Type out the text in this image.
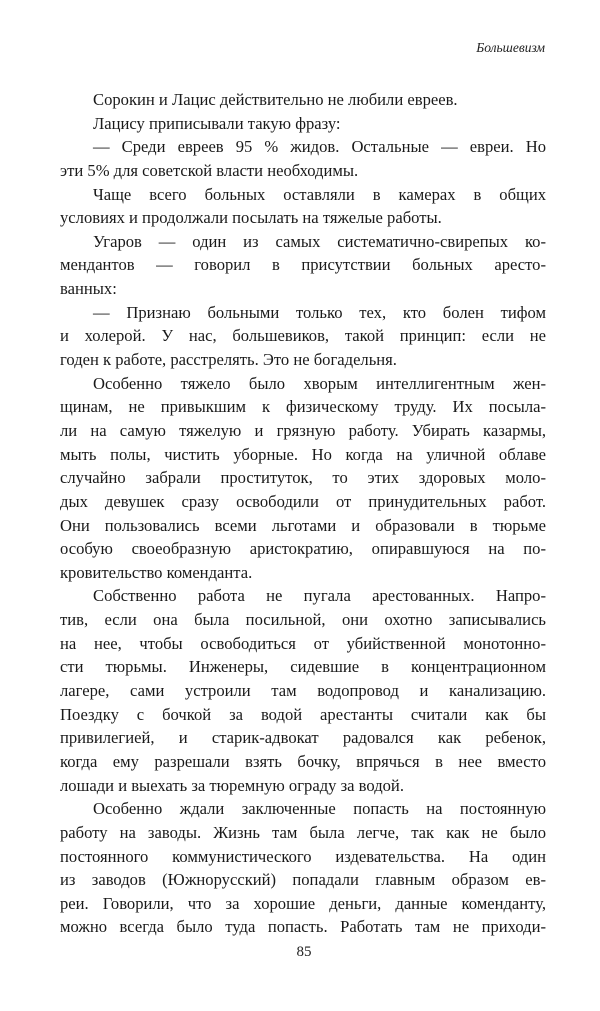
Большевизм
Сорокин и Лацис действительно не любили евреев.
Лацису приписывали такую фразу:
— Среди евреев 95 % жидов. Остальные — евреи. Но
эти 5% для советской власти необходимы.
Чаще всего больных оставляли в камерах в общих
условиях и продолжали посылать на тяжелые работы.
Угаров — один из самых систематично-свирепых ко-
мендантов — говорил в присутствии больных аресто-
ванных:
— Признаю больными только тех, кто болен тифом
и холерой. У нас, большевиков, такой принцип: если не
годен к работе, расстрелять. Это не богадельня.
Особенно тяжело было хворым интеллигентным жен-
щинам, не привыкшим к физическому труду. Их посыла-
ли на самую тяжелую и грязную работу. Убирать казармы,
мыть полы, чистить уборные. Но когда на уличной облаве
случайно забрали проституток, то этих здоровых моло-
дых девушек сразу освободили от принудительных работ.
Они пользовались всеми льготами и образовали в тюрьме
особую своеобразную аристократию, опиравшуюся на по-
кровительство коменданта.
Собственно работа не пугала арестованных. Напро-
тив, если она была посильной, они охотно записывались
на нее, чтобы освободиться от убийственной монотонно-
сти тюрьмы. Инженеры, сидевшие в концентрационном
лагере, сами устроили там водопровод и канализацию.
Поездку с бочкой за водой арестанты считали как бы
привилегией, и старик-адвокат радовался как ребенок,
когда ему разрешали взять бочку, впрячься в нее вместо
лошади и выехать за тюремную ограду за водой.
Особенно ждали заключенные попасть на постоянную
работу на заводы. Жизнь там была легче, так как не было
постоянного коммунистического издевательства. На один
из заводов (Южнорусский) попадали главным образом ев-
реи. Говорили, что за хорошие деньги, данные коменданту,
можно всегда было туда попасть. Работать там не приходи-
85
